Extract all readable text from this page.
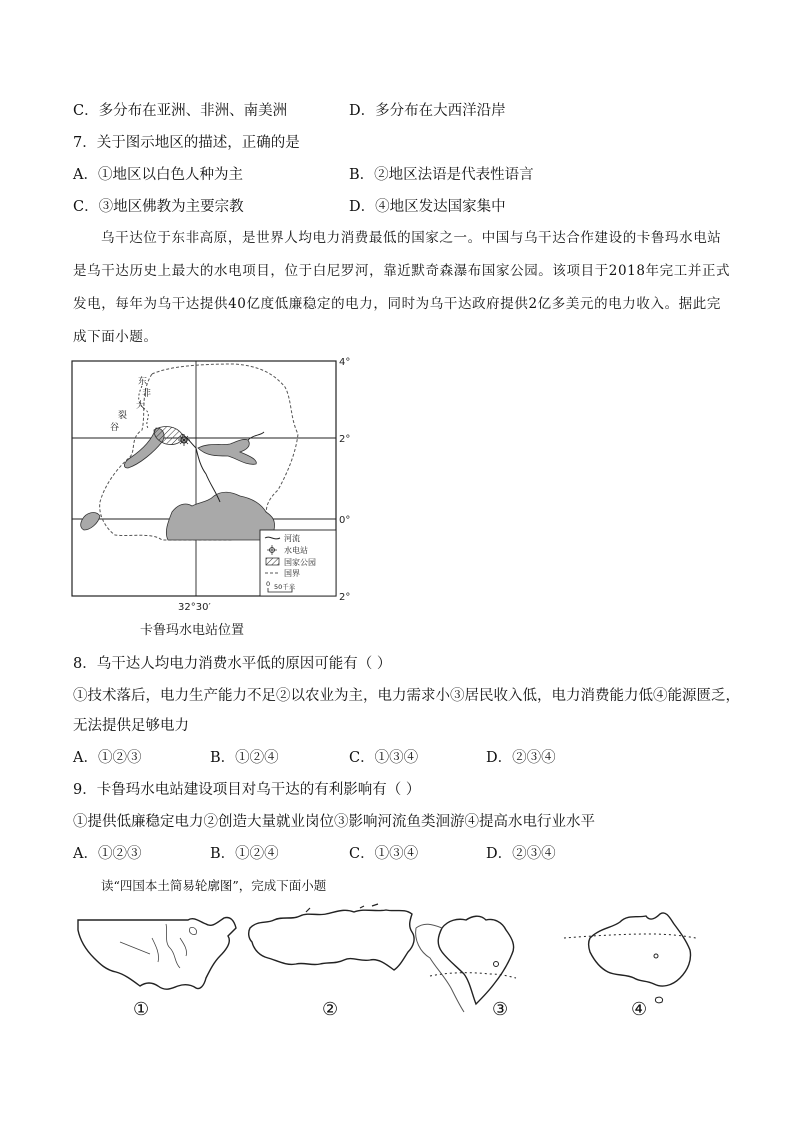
C．多分布在亚洲、非洲、南美洲	D．多分布在大西洋沿岸
7．关于图示地区的描述，正确的是
A．①地区以白色人种为主	B．②地区法语是代表性语言
C．③地区佛教为主要宗教	D．④地区发达国家集中
乌干达位于东非高原，是世界人均电力消费最低的国家之一。中国与乌干达合作建设的卡鲁玛水电站
是乌干达历史上最大的水电项目，位于白尼罗河，靠近默奇森瀑布国家公园。该项目于2018年完工并正式
发电，每年为乌干达提供40亿度低廉稳定的电力，同时为乌干达政府提供2亿多美元的电力收入。据此完
成下面小题。
东
非
大
裂
谷
4°
2°
0°
2°
32°30′
河流
水电站
国家公园
国界
0 50千米
卡鲁玛水电站位置
8．乌干达人均电力消费水平低的原因可能有（ ）
①技术落后，电力生产能力不足②以农业为主，电力需求小③居民收入低，电力消费能力低④能源匮乏，
无法提供足够电力
A．①②③	B．①②④	C．①③④	D．②③④
9．卡鲁玛水电站建设项目对乌干达的有利影响有（ ）
①提供低廉稳定电力②创造大量就业岗位③影响河流鱼类洄游④提高水电行业水平
A．①②③	B．①②④	C．①③④	D．②③④
读“四国本土简易轮廓图”，完成下面小题
①	②	③	④
